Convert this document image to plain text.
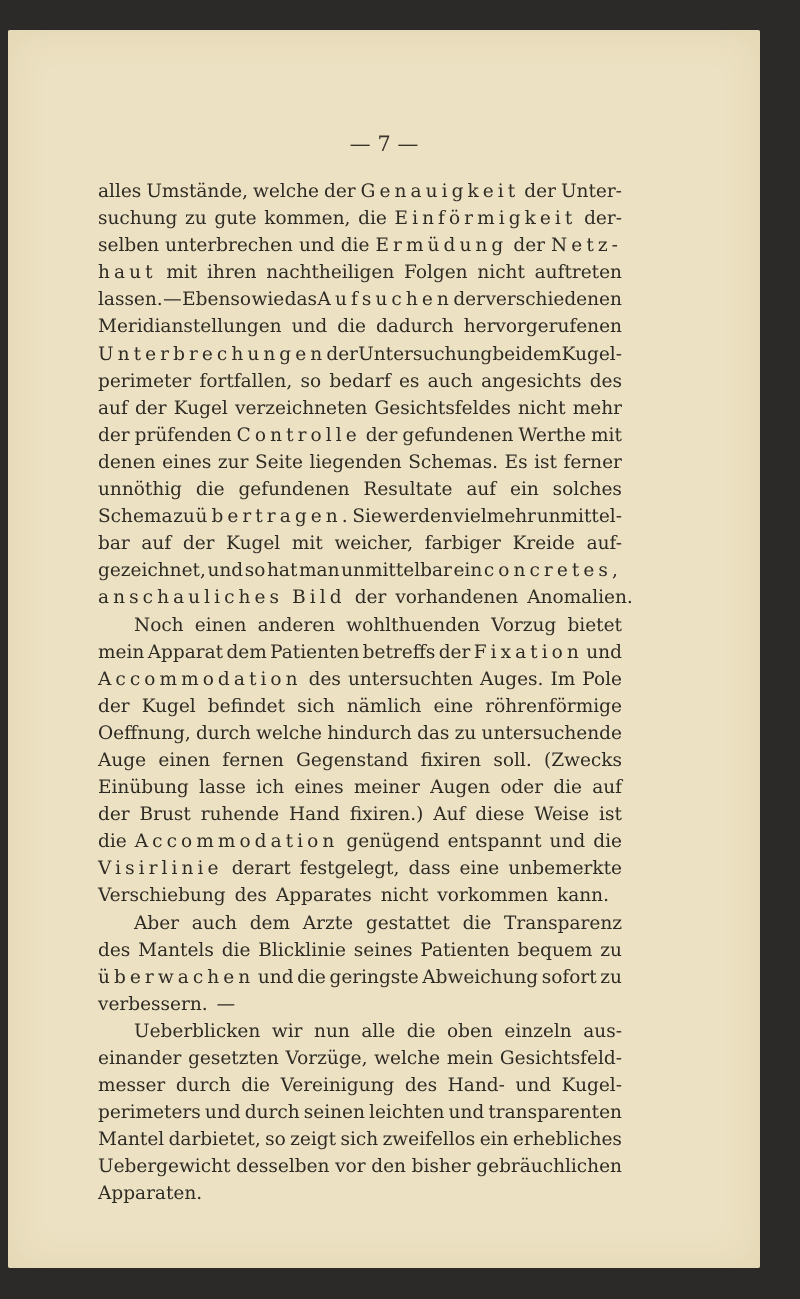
— 7 —
alles Umstände, welche der Genauigkeit der Unter-
suchung zu gute kommen, die Einförmigkeit der-
selben unterbrechen und die Ermüdung der Netz-
haut mit ihren nachtheiligen Folgen nicht auftreten
lassen. — Ebenso wie das Aufsuchen der verschiedenen
Meridianstellungen und die dadurch hervorgerufenen
Unterbrechungen der Untersuchung bei dem Kugel-
perimeter fortfallen, so bedarf es auch angesichts des
auf der Kugel verzeichneten Gesichtsfeldes nicht mehr
der prüfenden Controlle der gefundenen Werthe mit
denen eines zur Seite liegenden Schemas. Es ist ferner
unnöthig die gefundenen Resultate auf ein solches
Schema zu übertragen. Sie werden vielmehr unmittel-
bar auf der Kugel mit weicher, farbiger Kreide auf-
gezeichnet, und so hat man unmittelbar ein concretes,
anschauliches Bild der vorhandenen Anomalien.
Noch einen anderen wohlthuenden Vorzug bietet
mein Apparat dem Patienten betreffs der Fixation und
Accommodation des untersuchten Auges. Im Pole
der Kugel befindet sich nämlich eine röhrenförmige
Oeffnung, durch welche hindurch das zu untersuchende
Auge einen fernen Gegenstand fixiren soll. (Zwecks
Einübung lasse ich eines meiner Augen oder die auf
der Brust ruhende Hand fixiren.) Auf diese Weise ist
die Accommodation genügend entspannt und die
Visirlinie derart festgelegt, dass eine unbemerkte
Verschiebung des Apparates nicht vorkommen kann.
Aber auch dem Arzte gestattet die Transparenz
des Mantels die Blicklinie seines Patienten bequem zu
überwachen und die geringste Abweichung sofort zu
verbessern. —
Ueberblicken wir nun alle die oben einzeln aus-
einander gesetzten Vorzüge, welche mein Gesichtsfeld-
messer durch die Vereinigung des Hand- und Kugel-
perimeters und durch seinen leichten und transparenten
Mantel darbietet, so zeigt sich zweifellos ein erhebliches
Uebergewicht desselben vor den bisher gebräuchlichen
Apparaten.
